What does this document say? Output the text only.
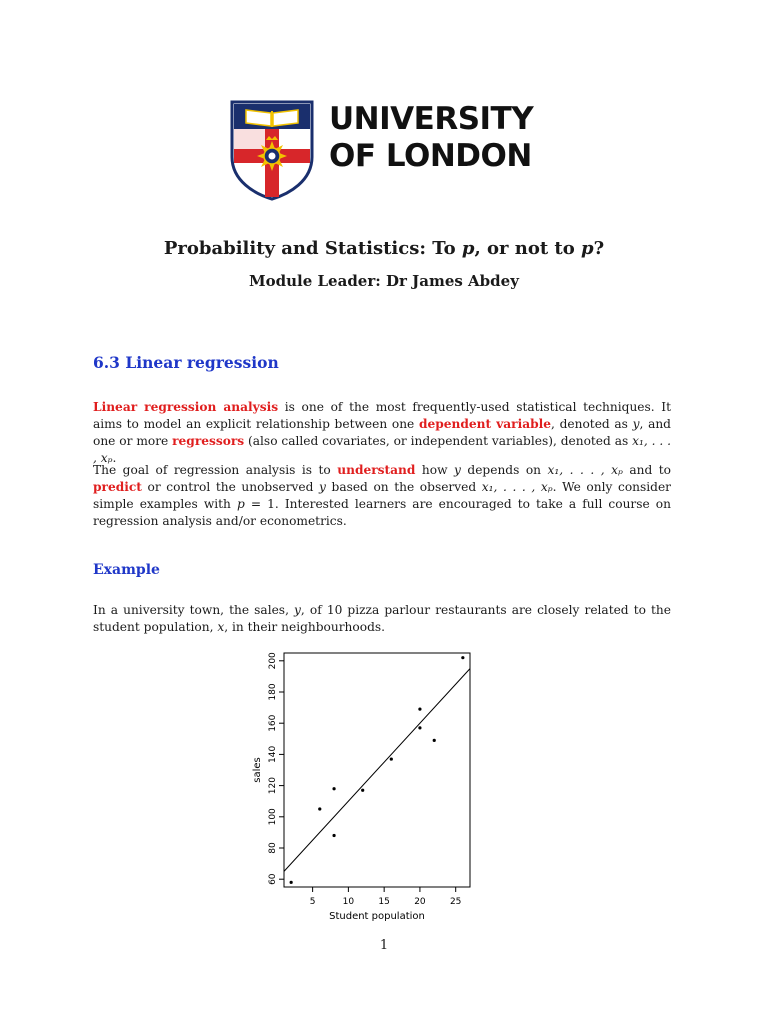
UNIVERSITY
OF LONDON
Probability and Statistics: To p, or not to p?
Module Leader: Dr James Abdey
6.3 Linear regression
Linear regression analysis is one of the most frequently-used statistical techniques. It aims to model an explicit relationship between one dependent variable, denoted as y, and one or more regressors (also called covariates, or independent variables), denoted as x₁, . . . , xₚ.
The goal of regression analysis is to understand how y depends on x₁, . . . , xₚ and to predict or control the unobserved y based on the observed x₁, . . . , xₚ. We only consider simple examples with p = 1. Interested learners are encouraged to take a full course on regression analysis and/or econometrics.
Example
In a university town, the sales, y, of 10 pizza parlour restaurants are closely related to the student population, x, in their neighbourhoods.
5	10	15	20	25
60
80
100
120
140
160
180
200
Student population
sales
1
